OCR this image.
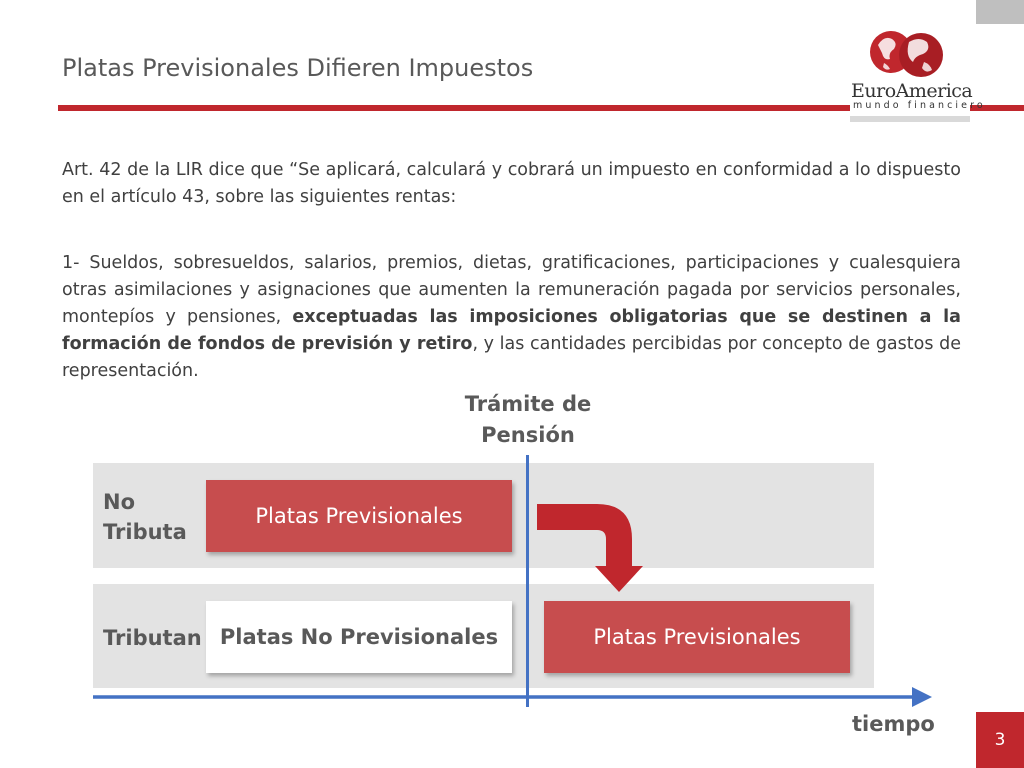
Platas Previsionales Difieren Impuestos
EuroAmerica
mundo financiero
Art. 42 de la LIR dice que “Se aplicará, calculará y cobrará un impuesto en conformidad a lo dispuesto en el artículo 43, sobre las siguientes rentas:
1- Sueldos, sobresueldos, salarios, premios, dietas, gratificaciones, participaciones y cualesquiera otras asimilaciones y asignaciones que aumenten la remuneración pagada por servicios personales, montepíos y pensiones, exceptuadas las imposiciones obligatorias que se destinen a la formación de fondos de previsión y retiro, y las cantidades percibidas por concepto de gastos de representación.
No Tributa
Tributan
Platas Previsionales
Platas No Previsionales	Platas Previsionales
Trámite de Pensión
tiempo
3
